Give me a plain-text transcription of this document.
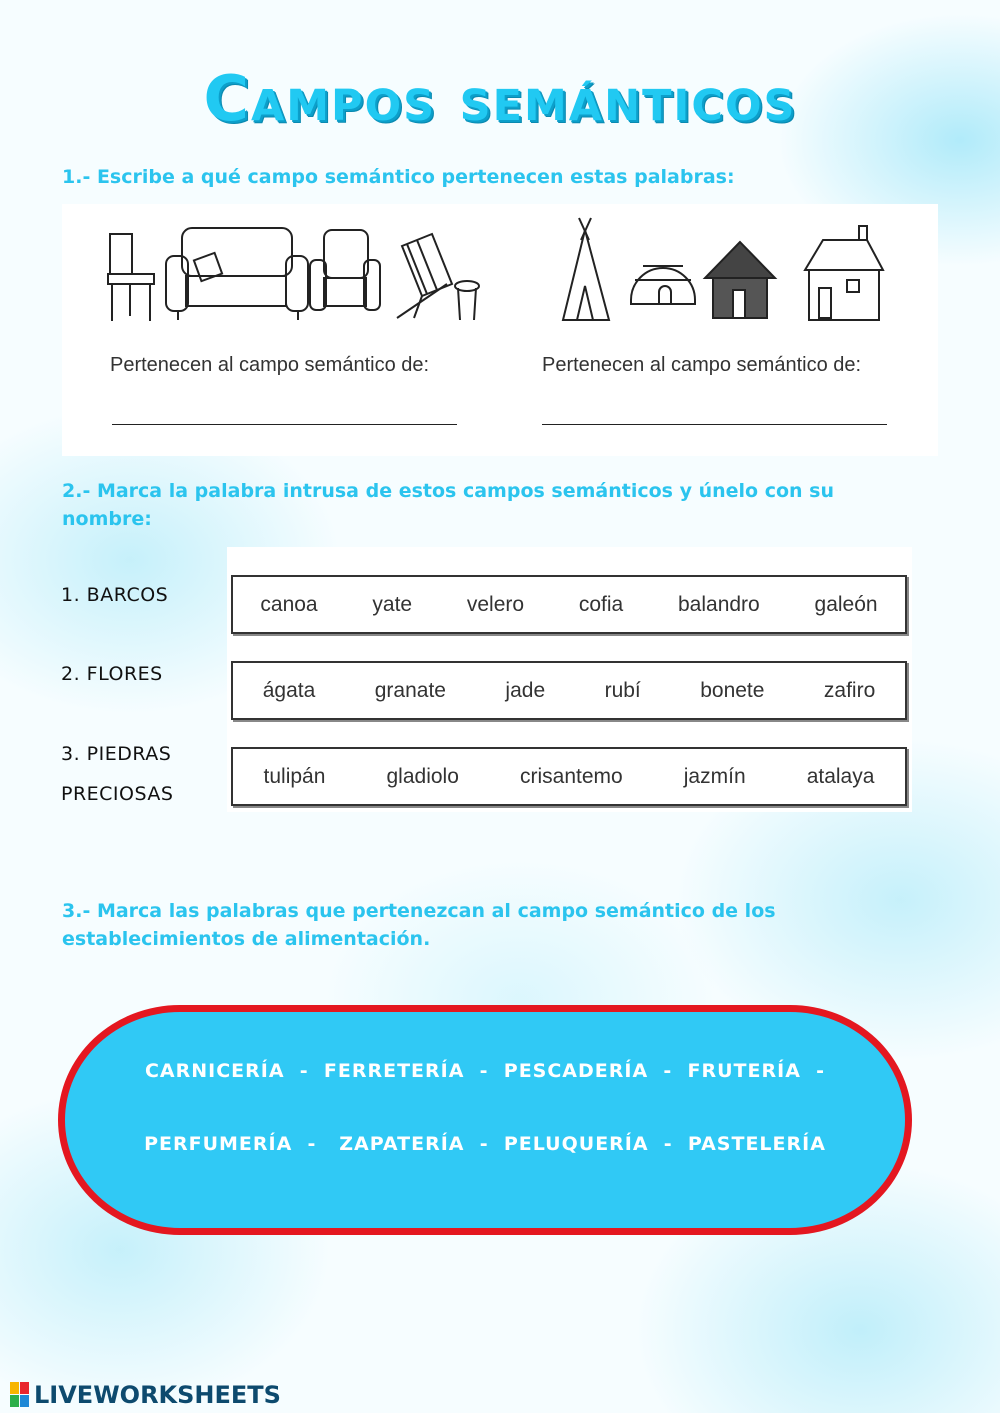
Campos semánticos
1.- Escribe a qué campo semántico pertenecen estas palabras:
Pertenecen al campo semántico de:	Pertenecen al campo semántico de:
2.- Marca la palabra intrusa de estos campos semánticos y únelo con su
nombre:
1. BARCOS
2. FLORES
3. PIEDRAS
PRECIOSAS
canoa	yate	velero	cofia	balandro	galeón
ágata	granate	jade	rubí	bonete	zafiro
tulipán	gladiolo	crisantemo	jazmín	atalaya
3.- Marca las palabras que pertenezcan al campo semántico de los
establecimientos de alimentación.
CARNICERÍA  -  FERRETERÍA  -  PESCADERÍA  -  FRUTERÍA  -
PERFUMERÍA  -   ZAPATERÍA  -  PELUQUERÍA  -  PASTELERÍA
LIVEWORKSHEETS
